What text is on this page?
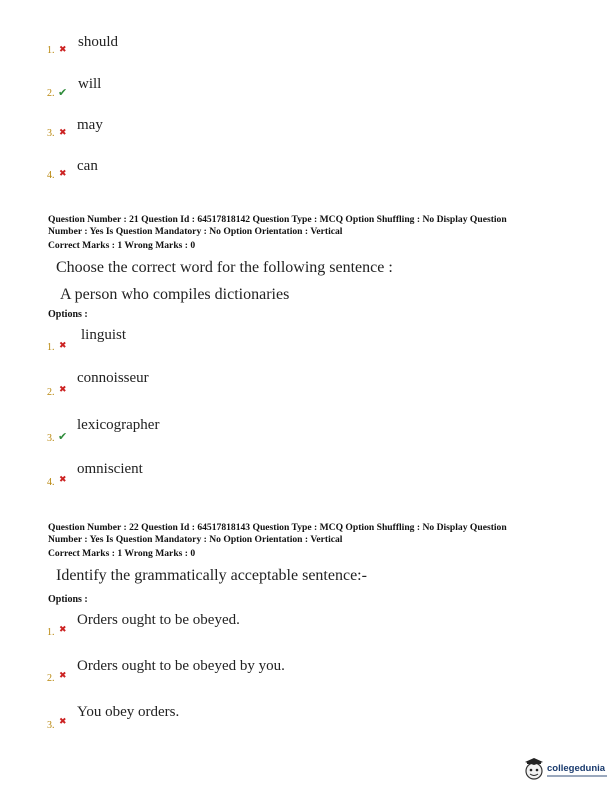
1. ✖ should
2. ✔
will
3. ✖ may
4. ✖ can
Question Number : 21 Question Id : 64517818142 Question Type : MCQ Option Shuffling : No Display Question
Number : Yes Is Question Mandatory : No Option Orientation : Vertical
Correct Marks : 1 Wrong Marks : 0
Choose the correct word for the following sentence :
A person who compiles dictionaries
Options :
1. ✖
linguist
2. ✖
connoisseur
3. ✔
lexicographer
4. ✖
omniscient
Question Number : 22 Question Id : 64517818143 Question Type : MCQ Option Shuffling : No Display Question
Number : Yes Is Question Mandatory : No Option Orientation : Vertical
Correct Marks : 1 Wrong Marks : 0
Identify the grammatically acceptable sentence:-
Options :
1. ✖
Orders ought to be obeyed.
2. ✖
Orders ought to be obeyed by you.
3. ✖
You obey orders.
collegedunia
